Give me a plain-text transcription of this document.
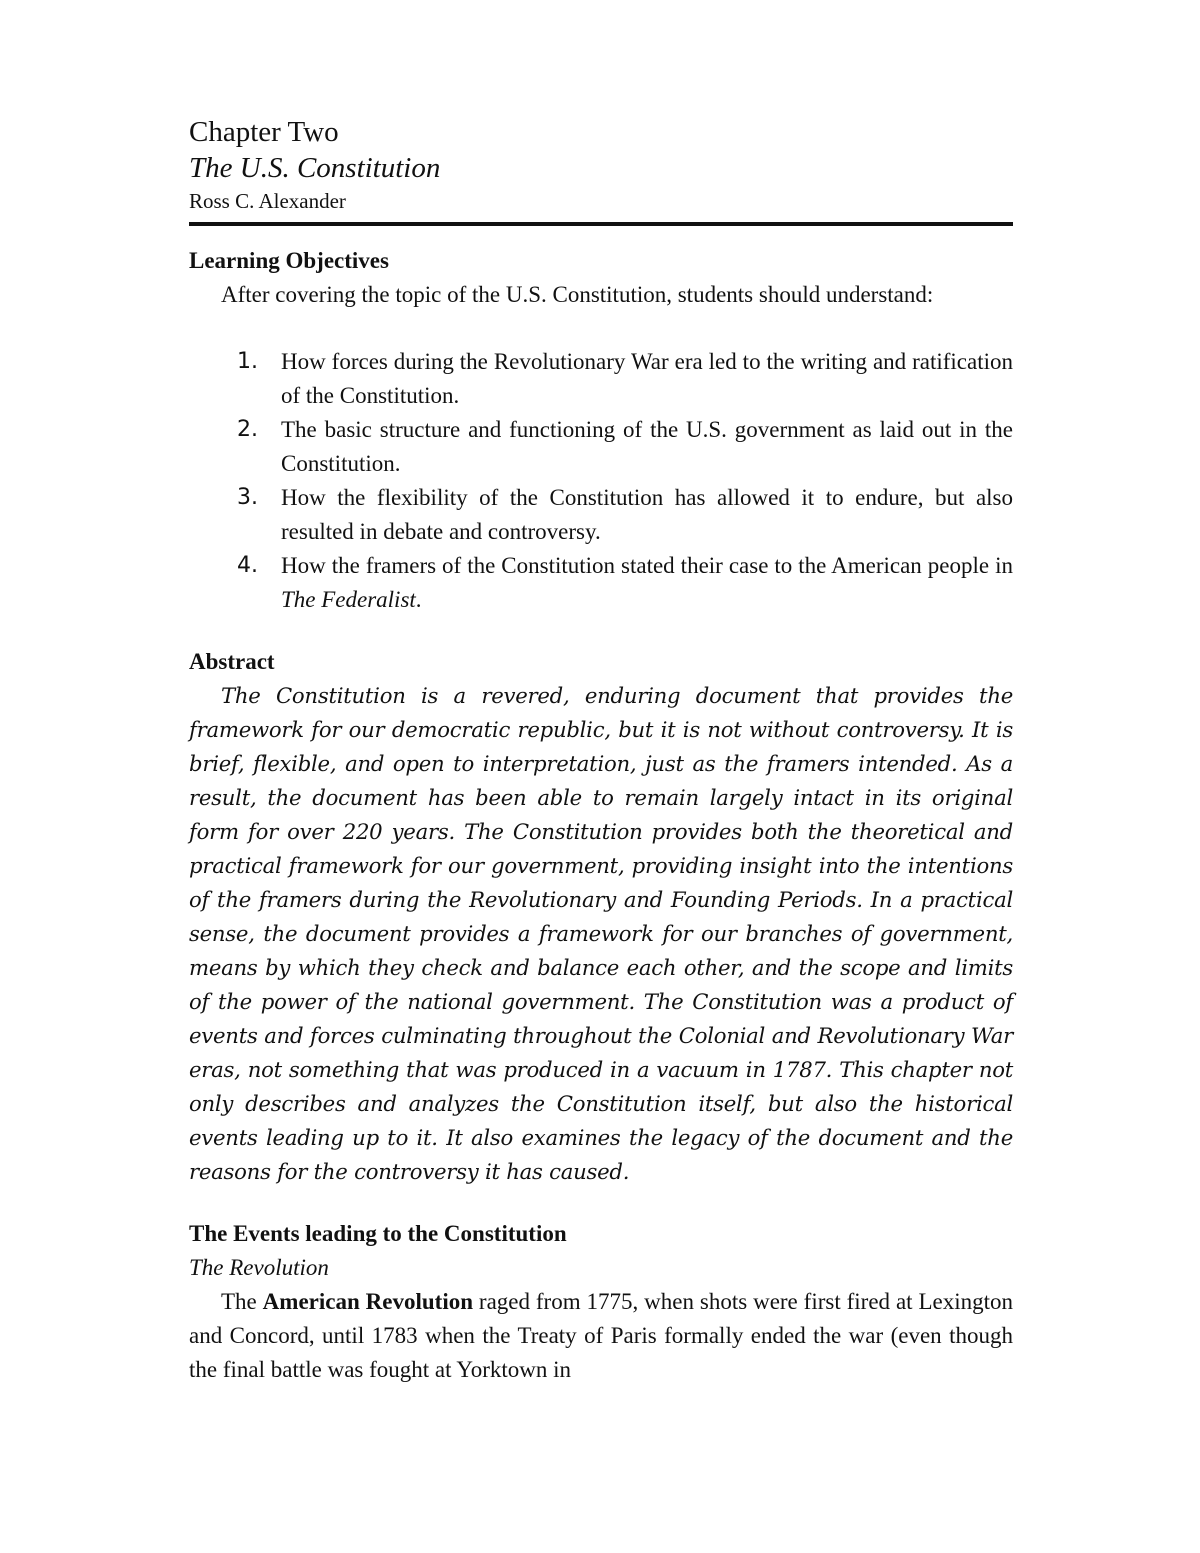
Chapter Two
The U.S. Constitution

Ross C. Alexander

Learning Objectives

After covering the topic of the U.S. Constitution, students should understand:

1. How forces during the Revolutionary War era led to the writing and ratification of the Constitution.
2. The basic structure and functioning of the U.S. government as laid out in the Constitution.
3. How the flexibility of the Constitution has allowed it to endure, but also resulted in debate and controversy.
4. How the framers of the Constitution stated their case to the American people in The Federalist.
Abstract

The Constitution is a revered, enduring document that provides the framework for our democratic republic, but it is not without controversy. It is brief, flexible, and open to interpretation, just as the framers intended. As a result, the document has been able to remain largely intact in its original form for over 220 years. The Constitution provides both the theoretical and practical framework for our government, providing insight into the intentions of the framers during the Revolutionary and Founding Periods. In a practical sense, the document provides a framework for our branches of government, means by which they check and balance each other, and the scope and limits of the power of the national government. The Constitution was a product of events and forces culminating throughout the Colonial and Revolutionary War eras, not something that was produced in a vacuum in 1787. This chapter not only describes and analyzes the Constitution itself, but also the historical events leading up to it. It also examines the legacy of the document and the reasons for the controversy it has caused.

The Events leading to the Constitution

The Revolution

The American Revolution raged from 1775, when shots were first fired at Lexington and Concord, until 1783 when the Treaty of Paris formally ended the war (even though the final battle was fought at Yorktown in
